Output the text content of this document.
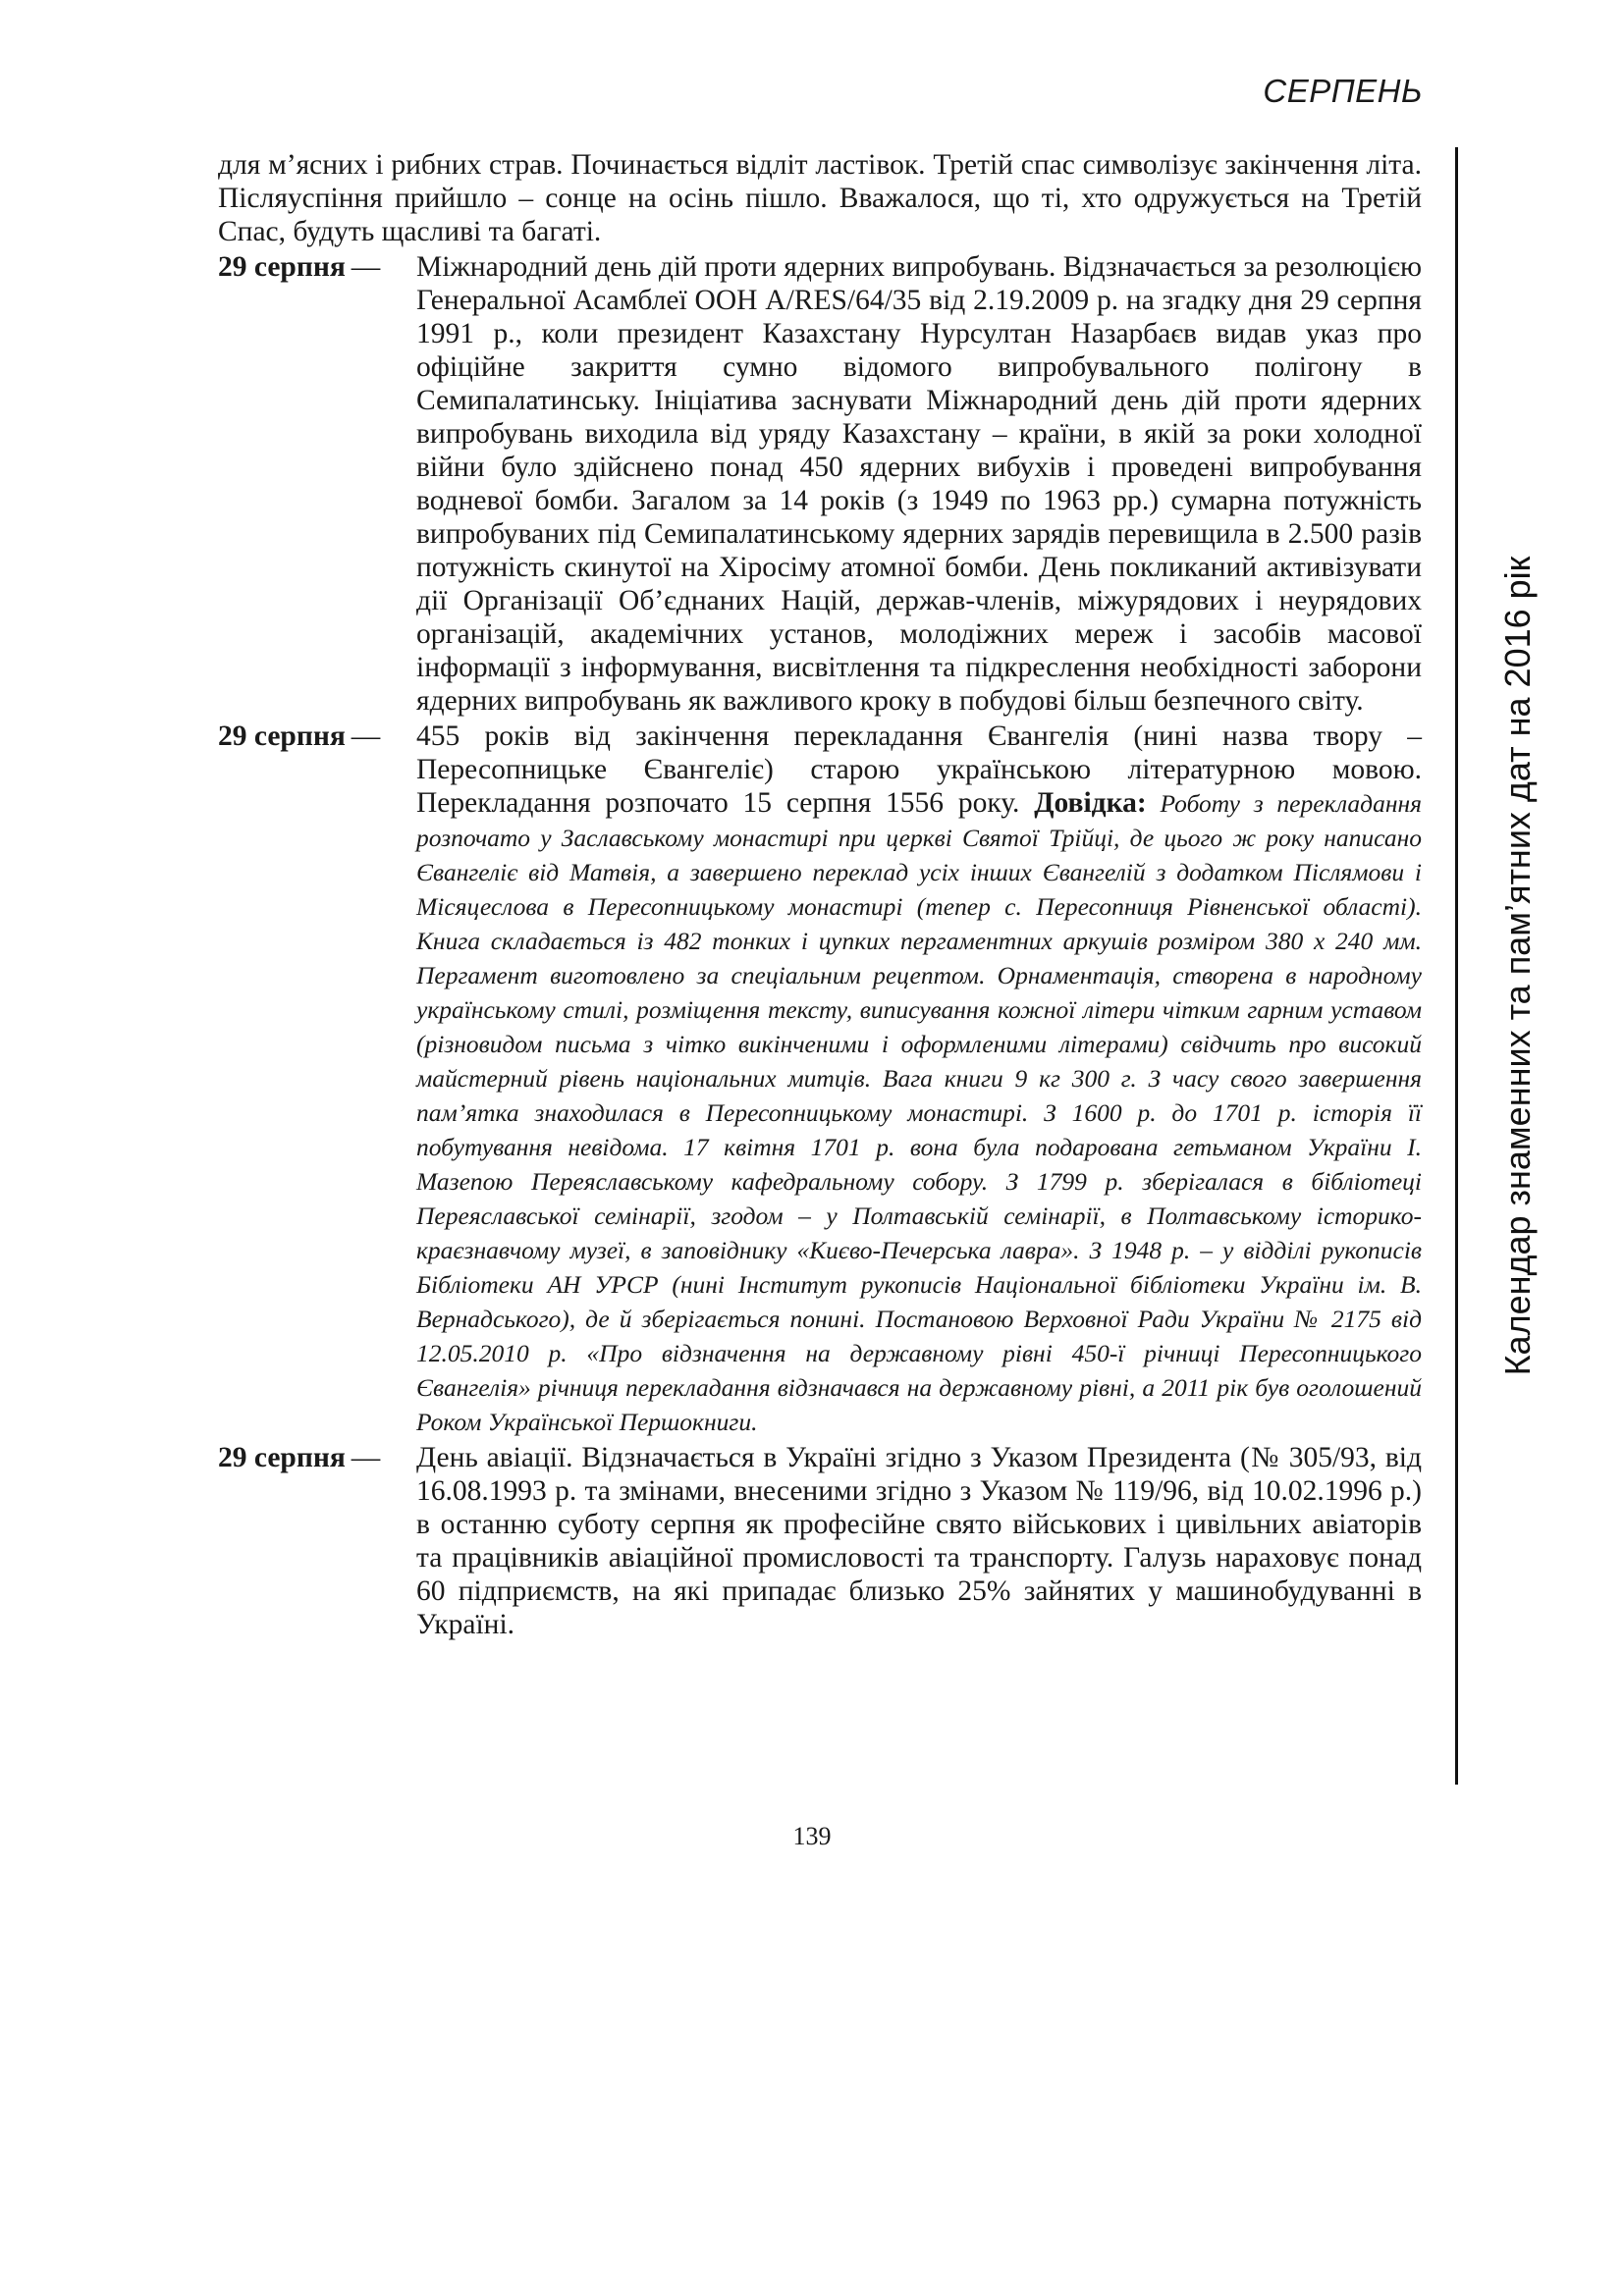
СЕРПЕНЬ
Календар знаменних та пам’ятних дат на 2016 рік

для м’ясних і рибних страв. Починається відліт ластівок. Третій спас символізує закінчення літа. Післяуспіння прийшло – сонце на осінь пішло. Вважалося, що ті, хто одружується на Третій Спас, будуть щасливі та багаті.

29 серпня —	Міжнародний день дій проти ядерних випробувань. Відзначається за резолюцією Генеральної Асамблеї ООН A/RES/64/35 від 2.19.2009 р. на згадку дня 29 серпня 1991 р., коли президент Казахстану Нурсултан Назарбаєв видав указ про офіційне закриття сумно відомого випробувального полігону в Семипалатинську. Ініціатива заснувати Міжнародний день дій проти ядерних випробувань виходила від уряду Казахстану – країни, в якій за роки холодної війни було здійснено понад 450 ядерних вибухів і проведені випробування водневої бомби. Загалом за 14 років (з 1949 по 1963 рр.) сумарна потужність випробуваних під Семипалатинському ядерних зарядів перевищила в 2.500 разів потужність скинутої на Хіросіму атомної бомби. День покликаний активізувати дії Організації Об’єднаних Націй, держав-членів, міжурядових і неурядових організацій, академічних установ, молодіжних мереж і засобів масової інформації з інформування, висвітлення та підкреслення необхідності заборони ядерних випробувань як важливого кроку в побудові більш безпечного світу.
29 серпня —	455 років від закінчення перекладання Євангелія (нині назва твору – Пересопницьке Євангеліє) старою українською літературною мовою. Перекладання розпочато 15 серпня 1556 року. Довідка: Роботу з перекладання розпочато у Заславському монастирі при церкві Святої Трійці, де цього ж року написано Євангеліє від Матвія, а завершено переклад усіх інших Євангелій з додатком Післямови і Місяцеслова в Пересопницькому монастирі (тепер с. Пересопниця Рівненської області). Книга складається із 482 тонких і цупких пергаментних аркушів розміром 380 х 240 мм. Пергамент виготовлено за спеціальним рецептом. Орнаментація, створена в народному українському стилі, розміщення тексту, виписування кожної літери чітким гарним уставом (різновидом письма з чітко викінченими і оформленими літерами) свідчить про високий майстерний рівень національних митців. Вага книги 9 кг 300 г. З часу свого завершення пам’ятка знаходилася в Пересопницькому монастирі. З 1600 р. до 1701 р. історія її побутування невідома. 17 квітня 1701 р. вона була подарована гетьманом України І. Мазепою Переяславському кафедральному собору. З 1799 р. зберігалася в бібліотеці Переяславської семінарії, згодом – у Полтавській семінарії, в Полтавському історико-краєзнавчому музеї, в заповіднику «Києво-Печерська лавра». З 1948 р. – у відділі рукописів Бібліотеки АН УРСР (нині Інститут рукописів Національної бібліотеки України ім. В. Вернадського), де й зберігається понині. Постановою Верховної Ради України № 2175 від 12.05.2010 р. «Про відзначення на державному рівні 450-ї річниці Пересопницького Євангелія» річниця перекладання відзначався на державному рівні, а 2011 рік був оголошений Роком Української Першокниги.
29 серпня —	День авіації. Відзначається в Україні згідно з Указом Президента (№ 305/93, від 16.08.1993 р. та змінами, внесеними згідно з Указом № 119/96, від 10.02.1996 р.) в останню суботу серпня як професійне свято військових і цивільних авіаторів та працівників авіаційної промисловості та транспорту. Галузь нараховує понад 60 підприємств, на які припадає близько 25% зайнятих у машинобудуванні в Україні.
139
